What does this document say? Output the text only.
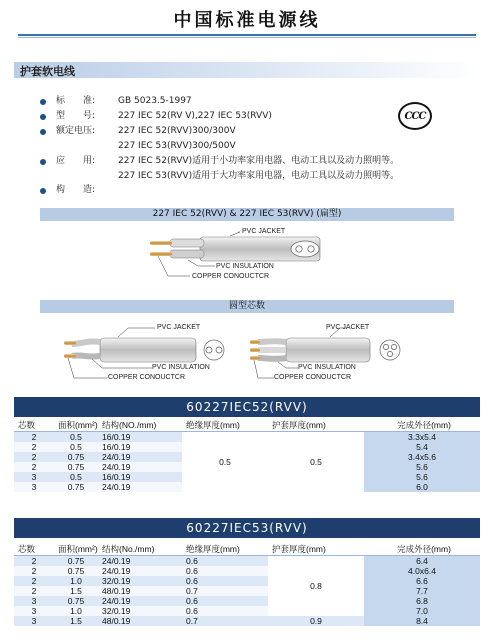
中国标准电源线
护套软电线
标　　准:	GB 5023.5-1997
型　　号:	227 IEC 52(RV V),227 IEC 53(RVV)
额定电压:	227 IEC 52(RVV)300/300V
227 IEC 53(RVV)300/500V
应　　用:	227 IEC 52(RVV)适用于小功率家用电器、电动工具以及动力照明等。
227 IEC 53(RVV)适用于大功率家用电器，电动工具以及动力照明等。
构　　造:
CCC
227 IEC 52(RVV) & 227 IEC 53(RVV) (扁型)
PVC JACKET
PVC INSULATION
COPPER CONOUCTCR
圆型芯数
PVC JACKET
PVC INSULATION
COPPER CONOUCTCR
PVC JACKET
PVC INSULATION
COPPER CONOUCTCR
60227IEC52(RVV)
芯数	面积(mm²)	结构(NO./mm)	绝缘厚度(mm)	护套厚度(mm)	完成外径(mm)
2	0.5	16/0.19	0.5	0.5	3.3x5.4
2	0.5	16/0.19			5.4
2	0.75	24/0.19			3.4x5.6
2	0.75	24/0.19			5.6
3	0.5	16/0.19			5.6
3	0.75	24/0.19			6.0
60227IEC53(RVV)
芯数	面积(mm²)	结构(No./mm)	绝缘厚度(mm)	护套厚度(mm)	完成外径(mm)
2	0.75	24/0.19	0.6	0.8	6.4
2	0.75	24/0.19	0.6		4.0x6.4
2	1.0	32/0.19	0.6		6.6
2	1.5	48/0.19	0.7		7.7
3	0.75	24/0.19	0.6		6.8
3	1.0	32/0.19	0.6		7.0
3	1.5	48/0.19	0.7	0.9	8.4
